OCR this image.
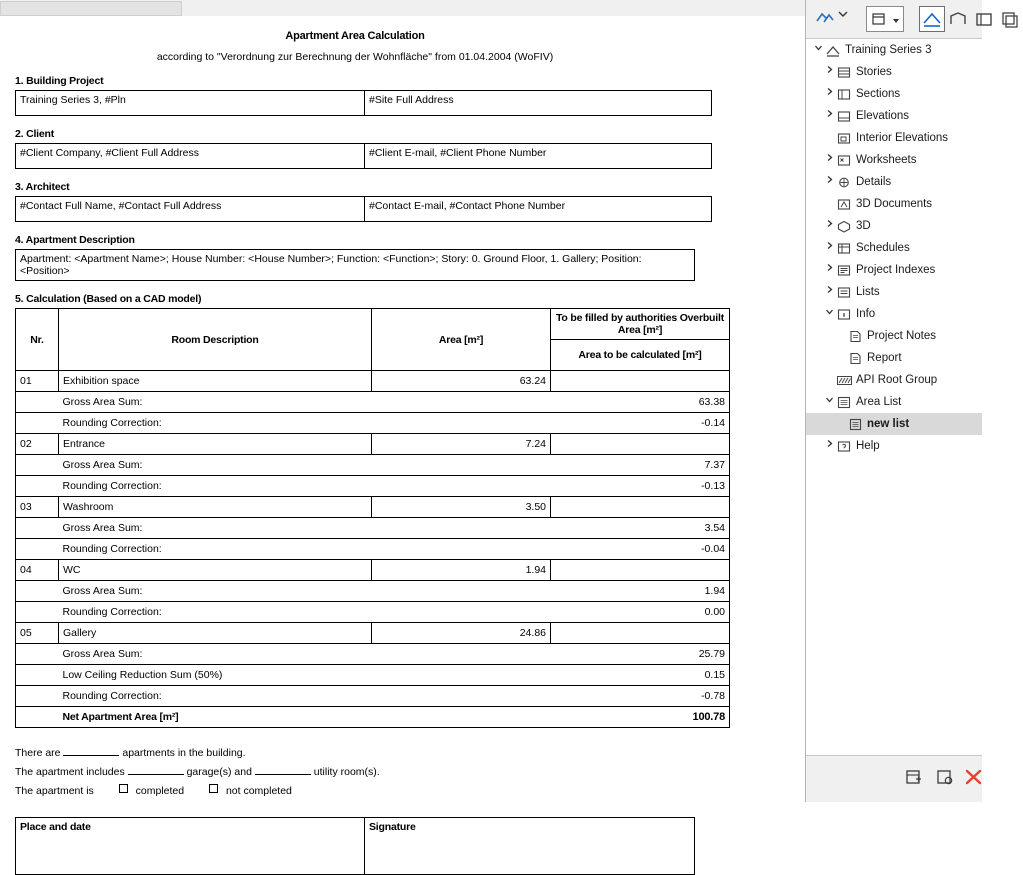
Apartment Area Calculation
according to "Verordnung zur Berechnung der Wohnfläche" from 01.04.2004 (WoFIV)
1. Building Project
Training Series 3, #Pln	#Site Full Address
2. Client
#Client Company, #Client Full Address	#Client E-mail, #Client Phone Number
3. Architect
#Contact Full Name, #Contact Full Address	#Contact E-mail, #Contact Phone Number
4. Apartment Description
Apartment: <Apartment Name>; House Number: <House Number>; Function: <Function>; Story: 0. Ground Floor, 1. Gallery; Position: <Position>
5. Calculation (Based on a CAD model)
Nr.	Room Description	Area [m²]	To be filled by authorities Overbuilt Area [m²]
			Area to be calculated [m²]
01	Exhibition space	63.24	
	Gross Area Sum:		63.38
	Rounding Correction:		-0.14
02	Entrance	7.24	
	Gross Area Sum:		7.37
	Rounding Correction:		-0.13
03	Washroom	3.50	
	Gross Area Sum:		3.54
	Rounding Correction:		-0.04
04	WC	1.94	
	Gross Area Sum:		1.94
	Rounding Correction:		0.00
05	Gallery	24.86	
	Gross Area Sum:		25.79
	Low Ceiling Reduction Sum (50%)		0.15
	Rounding Correction:		-0.78
	Net Apartment Area [m²]		100.78
There are	apartments in the building.
The apartment includes	garage(s) and	utility room(s).
The apartment is	completed	not completed
Place and date	Signature
Training Series 3
Stories
Sections
Elevations
Interior Elevations
Worksheets
Details
3D Documents
3D
Schedules
Project Indexes
Lists
Info
Project Notes
Report
API Root Group
Area List
new list
Help
